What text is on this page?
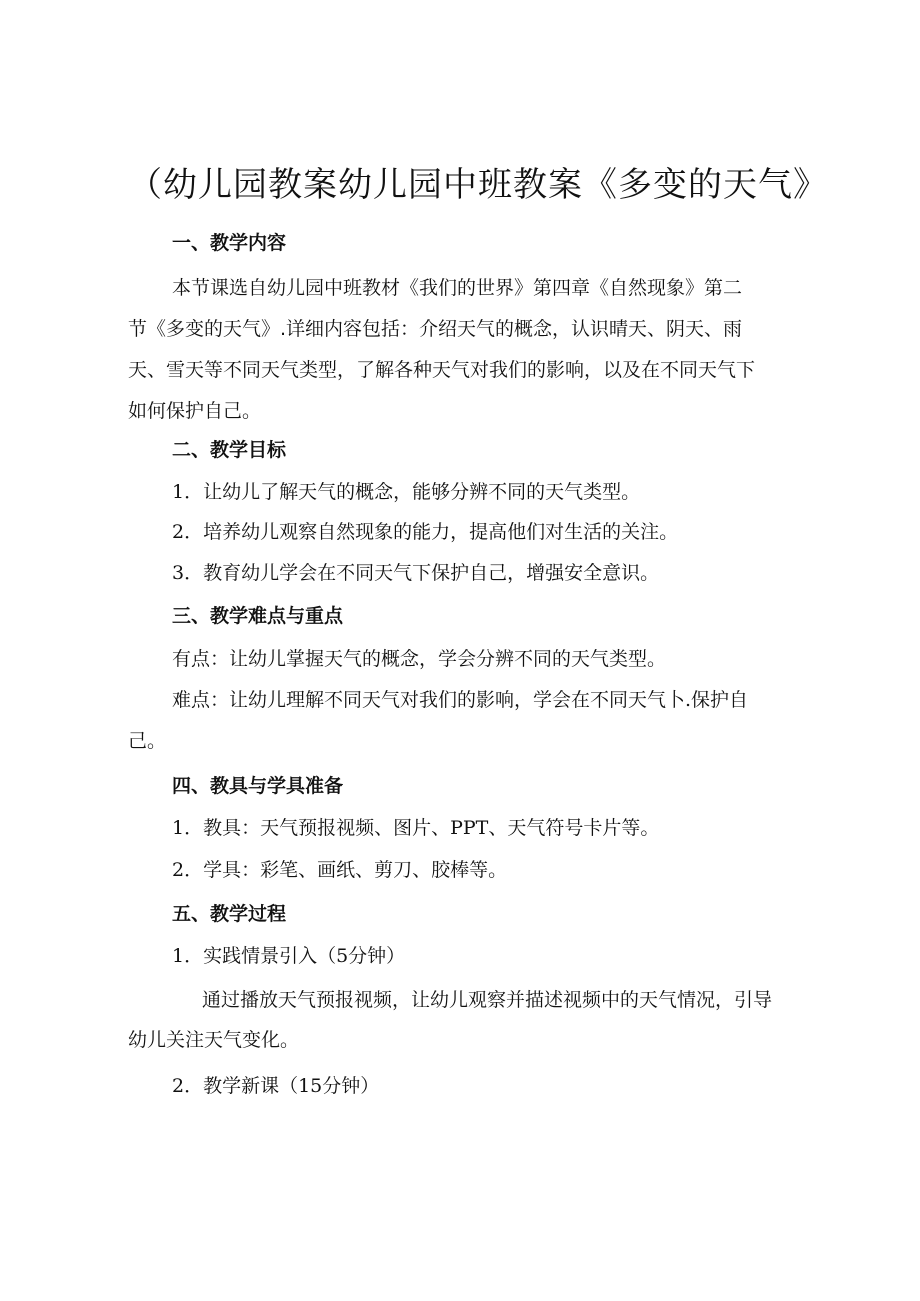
（幼儿园教案幼儿园中班教案《多变的天气》
一、教学内容
本节课选自幼儿园中班教材《我们的世界》第四章《自然现象》第二
节《多变的天气》.详细内容包括：介绍天气的概念，认识晴天、阴天、雨
天、雪天等不同天气类型，了解各种天气对我们的影响，以及在不同天气下
如何保护自己。
二、教学目标
1．让幼儿了解天气的概念，能够分辨不同的天气类型。
2．培养幼儿观察自然现象的能力，提高他们对生活的关注。
3．教育幼儿学会在不同天气下保护自己，增强安全意识。
三、教学难点与重点
有点：让幼儿掌握天气的概念，学会分辨不同的天气类型。
难点：让幼儿理解不同天气对我们的影响，学会在不同天气卜.保护自
己。
四、教具与学具准备
1．教具：天气预报视频、图片、PPT、天气符号卡片等。
2．学具：彩笔、画纸、剪刀、胶棒等。
五、教学过程
1．实践情景引入（5分钟）
通过播放天气预报视频，让幼儿观察并描述视频中的天气情况，引导
幼儿关注天气变化。
2．教学新课（15分钟）
